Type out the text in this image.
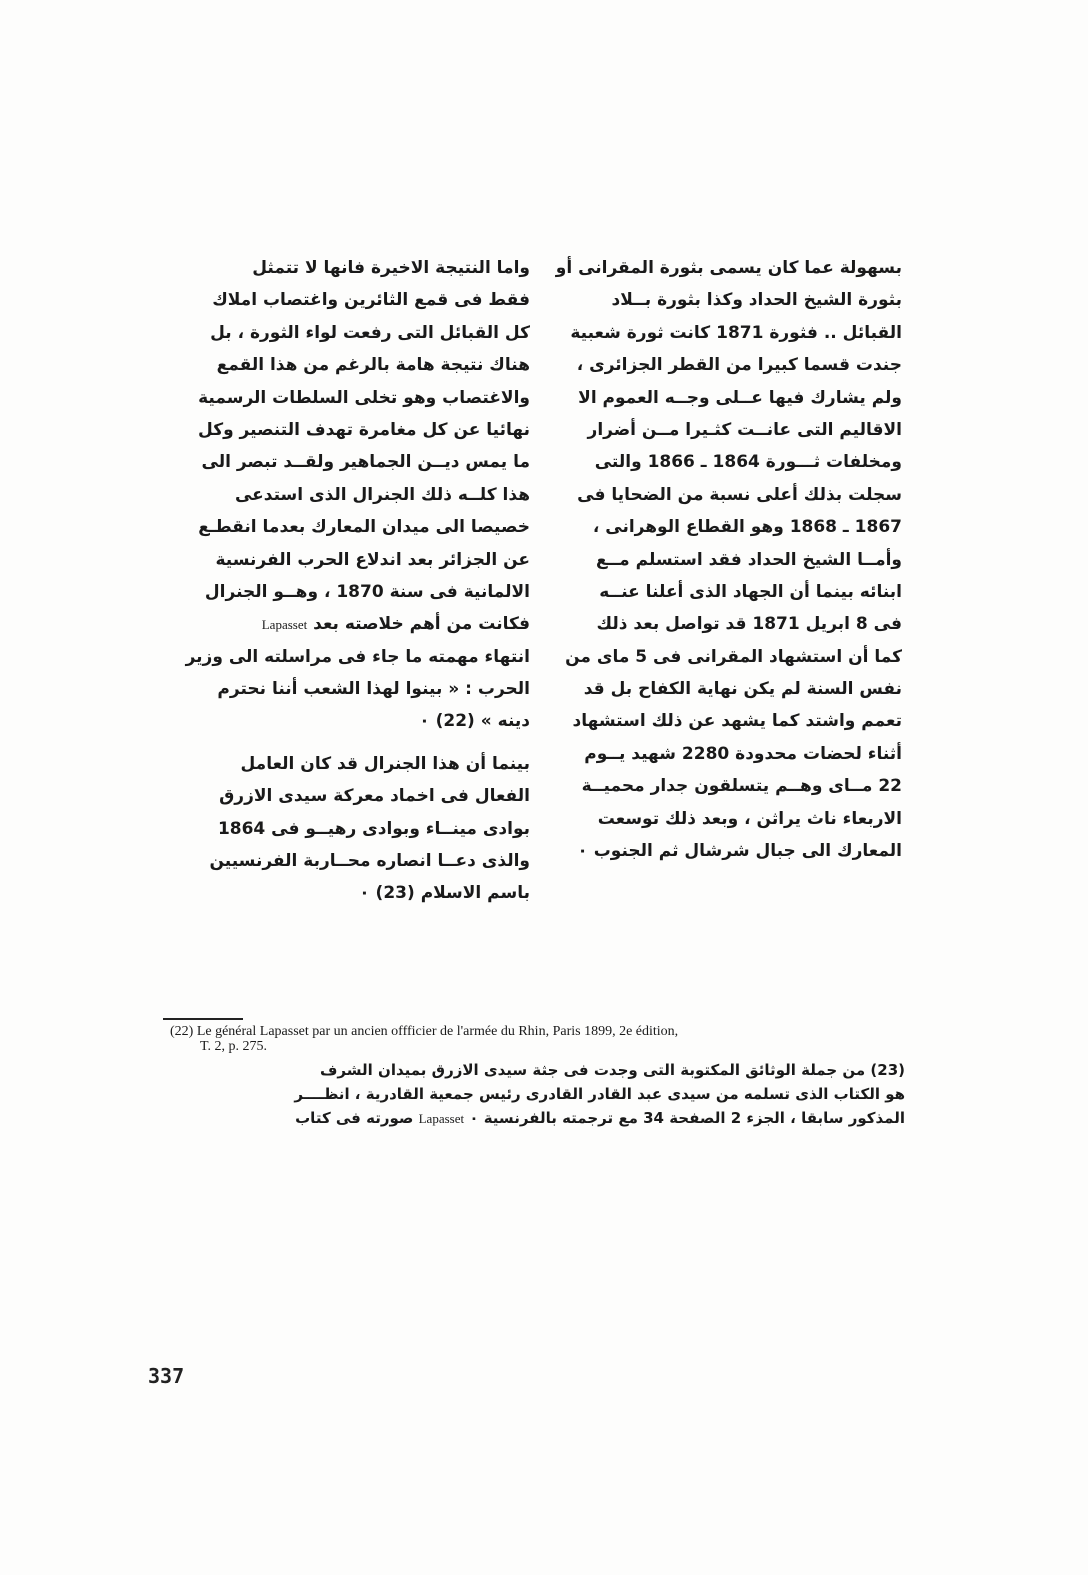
بسهولة عما كان يسمى بثورة المقرانى أو
بثورة الشيخ الحداد وكذا بثورة بــلاد
القبائل .. فثورة 1871 كانت ثورة شعبية
جندت قسما كبيرا من القطر الجزائرى ،
ولم يشارك فيها عــلى وجــه العموم الا
الاقاليم التى عانــت كثـيرا مــن أضرار
ومخلفات ثـــورة 1864 ـ 1866 والتى
سجلت بذلك أعلى نسبة من الضحايا فى
1867 ـ 1868 وهو القطاع الوهرانى ،
وأمــا الشيخ الحداد فقد استسلم مــع
ابنائه بينما أن الجهاد الذى أعلنا عنــه
فى 8 ابريل 1871 قد تواصل بعد ذلك
كما أن استشهاد المقرانى فى 5 ماى من
نفس السنة لم يكن نهاية الكفاح بل قد
تعمم واشتد كما يشهد عن ذلك استشهاد
أثناء لحضات محدودة 2280 شهيد يــوم
22 مــاى وهــم يتسلقون جدار محميــة
الاربعاء ناث يراثن ، وبعد ذلك توسعت
المعارك الى جبال شرشال ثم الجنوب ٠
واما النتيجة الاخيرة فانها لا تتمثل
فقط فى قمع الثائرين واغتصاب املاك
كل القبائل التى رفعت لواء الثورة ، بل
هناك نتيجة هامة بالرغم من هذا القمع
والاغتصاب وهو تخلى السلطات الرسمية
نهائيا عن كل مغامرة تهدف التنصير وكل
ما يمس ديــن الجماهير ولقــد تبصر الى
هذا كلــه ذلك الجنرال الذى استدعى
خصيصا الى ميدان المعارك بعدما انقطـع
عن الجزائر بعد اندلاع الحرب الفرنسية
الالمانية فى سنة 1870 ، وهــو الجنرال
فكانت من أهم خلاصته بعد Lapasset
انتهاء مهمته ما جاء فى مراسلته الى وزير
الحرب : « بينوا لهذا الشعب أننا نحترم
دينه » (22) ٠
بينما أن هذا الجنرال قد كان العامل
الفعال فى اخماد معركة سيدى الازرق
بوادى مينــاء وبوادى رهيــو فى 1864
والذى دعــا انصاره محــاربة الفرنسيين
باسم الاسلام (23) ٠
(22) Le général Lapasset par un ancien offficier de l'armée du Rhin, Paris 1899, 2e édition,
T. 2, p. 275.
(23) من جملة الوثائق المكتوبة التى وجدت فى جثة سيدى الازرق بميدان الشرف
هو الكتاب الذى تسلمه من سيدى عبد القادر القادرى رئيس جمعية القادرية ، انظــــر
المذكور سابقا ، الجزء 2 الصفحة 34 مع ترجمته بالفرنسية ٠ Lapasset صورته فى كتاب
337
